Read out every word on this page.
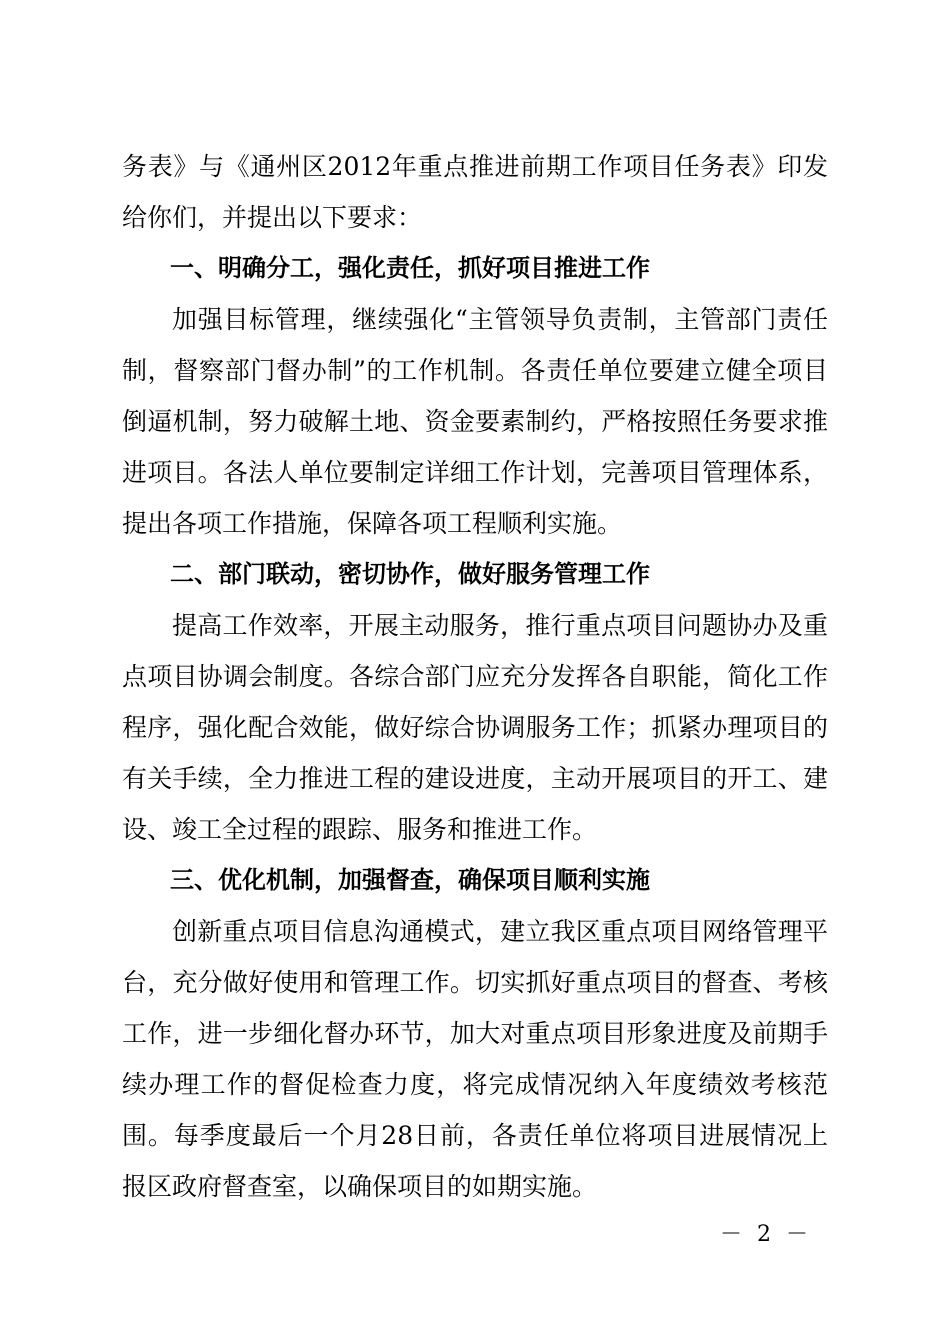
务表》与《通州区2012年重点推进前期工作项目任务表》印发给你们，并提出以下要求：

一、明确分工，强化责任，抓好项目推进工作

加强目标管理，继续强化“主管领导负责制，主管部门责任制，督察部门督办制”的工作机制。各责任单位要建立健全项目倒逼机制，努力破解土地、资金要素制约，严格按照任务要求推进项目。各法人单位要制定详细工作计划，完善项目管理体系，提出各项工作措施，保障各项工程顺利实施。

二、部门联动，密切协作，做好服务管理工作

提高工作效率，开展主动服务，推行重点项目问题协办及重点项目协调会制度。各综合部门应充分发挥各自职能，简化工作程序，强化配合效能，做好综合协调服务工作；抓紧办理项目的有关手续，全力推进工程的建设进度，主动开展项目的开工、建设、竣工全过程的跟踪、服务和推进工作。

三、优化机制，加强督查，确保项目顺利实施

创新重点项目信息沟通模式，建立我区重点项目网络管理平台，充分做好使用和管理工作。切实抓好重点项目的督查、考核工作，进一步细化督办环节，加大对重点项目形象进度及前期手续办理工作的督促检查力度，将完成情况纳入年度绩效考核范围。每季度最后一个月28日前，各责任单位将项目进展情况上报区政府督查室，以确保项目的如期实施。

－ 2 －
